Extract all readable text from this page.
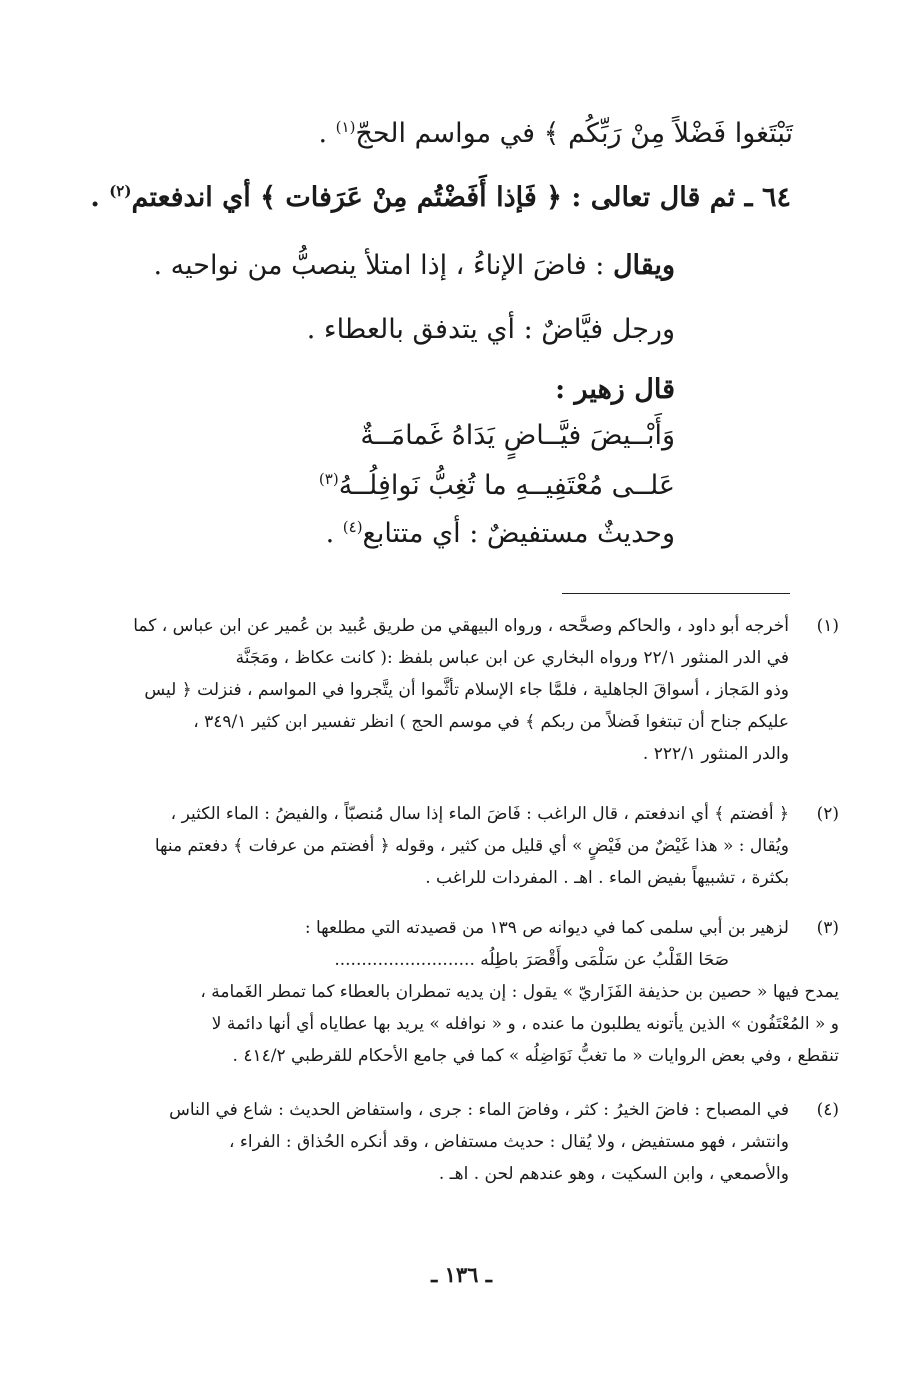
تَبْتَغوا فَضْلاً مِنْ رَبِّكُم ﴾ في مواسم الحجّ$^{(١)}$ .
٦٤ ـ ثم قال تعالى : ﴿ فَإذا أَفَضْتُم مِنْ عَرَفات ﴾ أي اندفعتم$^{(٢)}$ .
ويقال : فاضَ الإناءُ ، إذا امتلأ ينصبُّ من نواحيه .
ورجل فيَّاضٌ : أي يتدفق بالعطاء .
قال زهير :
وَأَبْــيضَ فيَّــاضٍ يَدَاهُ غَمامَــةٌ
عَلــى مُعْتَفِيــهِ ما تُغِبُّ نَوافِلُــهُ$^{(٣)}$
وحديثٌ مستفيضٌ : أي متتابع$^{(٤)}$ .
(١)
أخرجه أبو داود ، والحاكم وصحَّحه ، ورواه البيهقي من طريق عُبيد بن عُمير عن ابن عباس ، كما
في الدر المنثور ٢٢/١ ورواه البخاري عن ابن عباس بلفظ :( كانت عكاظ ، ومَجَنَّة
وذو المَجاز ، أسواقَ الجاهلية ، فلمَّا جاء الإسلام تأثَّموا أن يتَّجروا في المواسم ، فنزلت ﴿ ليس
عليكم جناح أن تبتغوا فَضلاً من ربكم ﴾ في موسم الحج ) انظر تفسير ابن كثير ٣٤٩/١ ،
والدر المنثور ٢٢٢/١ .
(٢)
﴿ أفضتم ﴾ أي اندفعتم ، قال الراغب : فَاضَ الماء إذا سال مُنصبّاً ، والفيضُ : الماء الكثير ،
ويُقال : « هذا غَيْضٌ من فَيْضٍ » أي قليل من كثير ، وقوله ﴿ أفضتم من عرفات ﴾ دفعتم منها
بكثرة ، تشبيهاً بفيض الماء . اهـ . المفردات للراغب .
(٣)
لزهير بن أبي سلمى كما في ديوانه ص ١٣٩ من قصيدته التي مطلعها :
صَحَا القَلْبُ عن سَلْمَى وأَقْصَرَ باطِلُه ..........................
يمدح فيها « حصين بن حذيفة الفَزَاريّ » يقول : إن يديه تمطران بالعطاء كما تمطر الغَمامة ،
و « المُعْتَفُون » الذين يأتونه يطلبون ما عنده ، و « نوافله » يريد بها عطاياه أي أنها دائمة لا
تنقطع ، وفي بعض الروايات « ما تغبُّ نَوَاضِلُه » كما في جامع الأحكام للقرطبي ٤١٤/٢ .
(٤)
في المصباح : فاضَ الخيرُ : كثر ، وفاضَ الماء : جرى ، واستفاض الحديث : شاع في الناس
وانتشر ، فهو مستفيض ، ولا يُقال : حديث مستفاض ، وقد أنكره الحُذاق : الفراء ،
والأصمعي ، وابن السكيت ، وهو عندهم لحن . اهـ .
ـ ١٣٦ ـ
